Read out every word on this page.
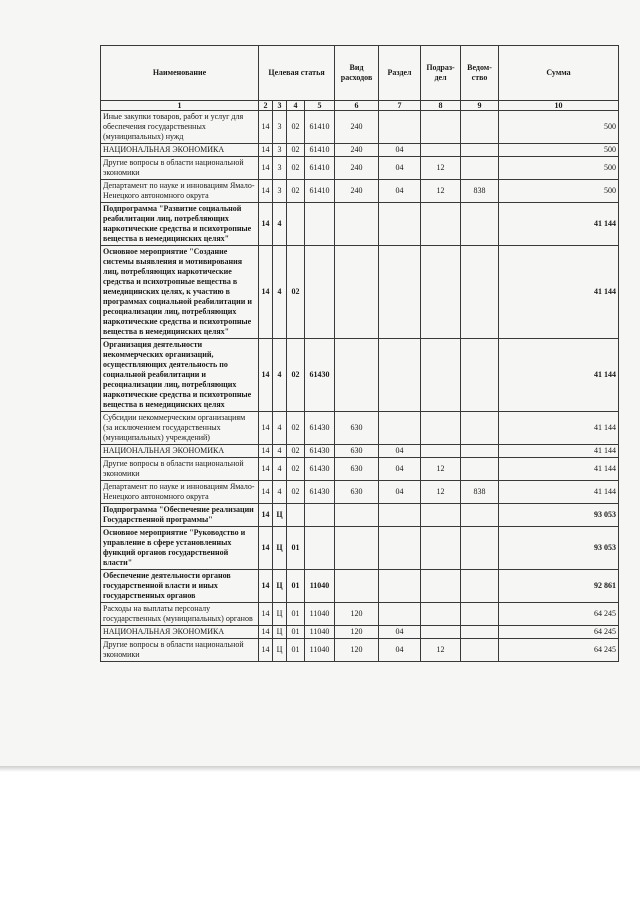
Наименование	Целевая статья				Вид расходов	Раздел	Подраз-дел	Ведом-ство	Сумма
1	2	3	4	5	6	7	8	9	10
Иные закупки товаров, работ и услуг для обеспечения государственных (муниципальных) нужд	14	3	02	61410	240				500
НАЦИОНАЛЬНАЯ ЭКОНОМИКА	14	3	02	61410	240	04			500
Другие вопросы в области национальной экономики	14	3	02	61410	240	04	12		500
Департамент по науке и инновациям Ямало-Ненецкого автономного округа	14	3	02	61410	240	04	12	838	500
Подпрограмма "Развитие социальной реабилитации лиц, потребляющих наркотические средства и психотропные вещества в немедицинских целях"	14	4							41 144
Основное мероприятие "Создание системы выявления и мотивирования лиц, потребляющих наркотические средства и психотропные вещества в немедицинских целях, к участию в программах социальной реабилитации и ресоциализации лиц, потребляющих наркотические средства и психотропные вещества в немедицинских целях"	14	4	02						41 144
Организация деятельности некоммерческих организаций, осуществляющих деятельность по социальной реабилитации и ресоциализации лиц, потребляющих наркотические средства и психотропные вещества в немедицинских целях	14	4	02	61430					41 144
Субсидии некоммерческим организациям (за исключением государственных (муниципальных) учреждений)	14	4	02	61430	630				41 144
НАЦИОНАЛЬНАЯ ЭКОНОМИКА	14	4	02	61430	630	04			41 144
Другие вопросы в области национальной экономики	14	4	02	61430	630	04	12		41 144
Департамент по науке и инновациям Ямало-Ненецкого автономного округа	14	4	02	61430	630	04	12	838	41 144
Подпрограмма "Обеспечение реализации Государственной программы"	14	Ц							93 053
Основное мероприятие "Руководство и управление в сфере установленных функций органов государственной власти"	14	Ц	01						93 053
Обеспечение деятельности органов государственной власти и иных государственных органов	14	Ц	01	11040					92 861
Расходы на выплаты персоналу государственных (муниципальных) органов	14	Ц	01	11040	120				64 245
НАЦИОНАЛЬНАЯ ЭКОНОМИКА	14	Ц	01	11040	120	04			64 245
Другие вопросы в области национальной экономики	14	Ц	01	11040	120	04	12		64 245
